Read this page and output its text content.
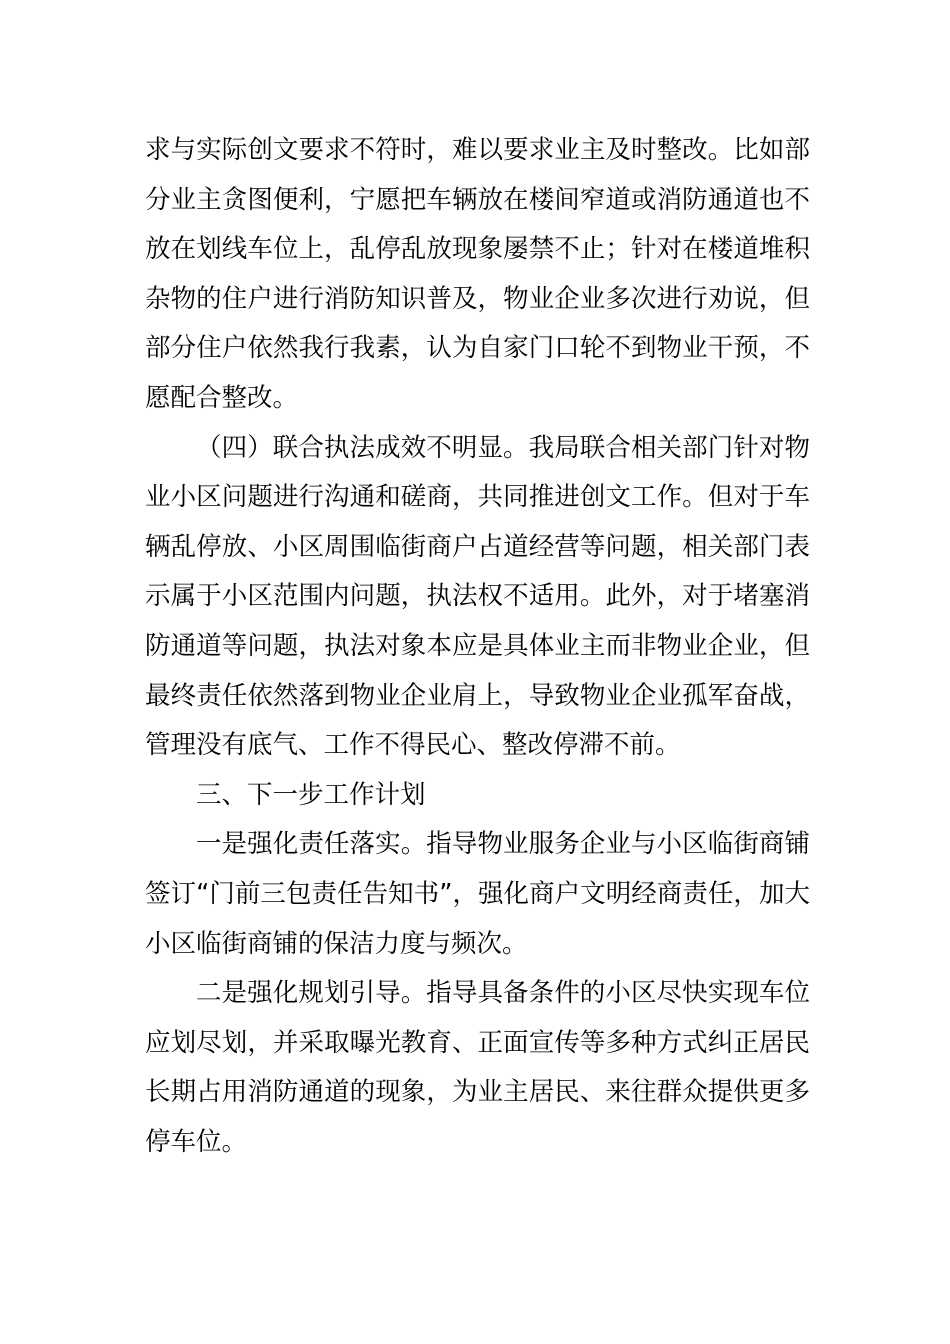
求与实际创文要求不符时，难以要求业主及时整改。比如部分业主贪图便利，宁愿把车辆放在楼间窄道或消防通道也不放在划线车位上，乱停乱放现象屡禁不止；针对在楼道堆积杂物的住户进行消防知识普及，物业企业多次进行劝说，但部分住户依然我行我素，认为自家门口轮不到物业干预，不愿配合整改。

（四）联合执法成效不明显。我局联合相关部门针对物业小区问题进行沟通和磋商，共同推进创文工作。但对于车辆乱停放、小区周围临街商户占道经营等问题，相关部门表示属于小区范围内问题，执法权不适用。此外，对于堵塞消防通道等问题，执法对象本应是具体业主而非物业企业，但最终责任依然落到物业企业肩上，导致物业企业孤军奋战，管理没有底气、工作不得民心、整改停滞不前。

三、下一步工作计划

一是强化责任落实。指导物业服务企业与小区临街商铺签订“门前三包责任告知书”，强化商户文明经商责任，加大小区临街商铺的保洁力度与频次。

二是强化规划引导。指导具备条件的小区尽快实现车位应划尽划，并采取曝光教育、正面宣传等多种方式纠正居民长期占用消防通道的现象，为业主居民、来往群众提供更多停车位。
